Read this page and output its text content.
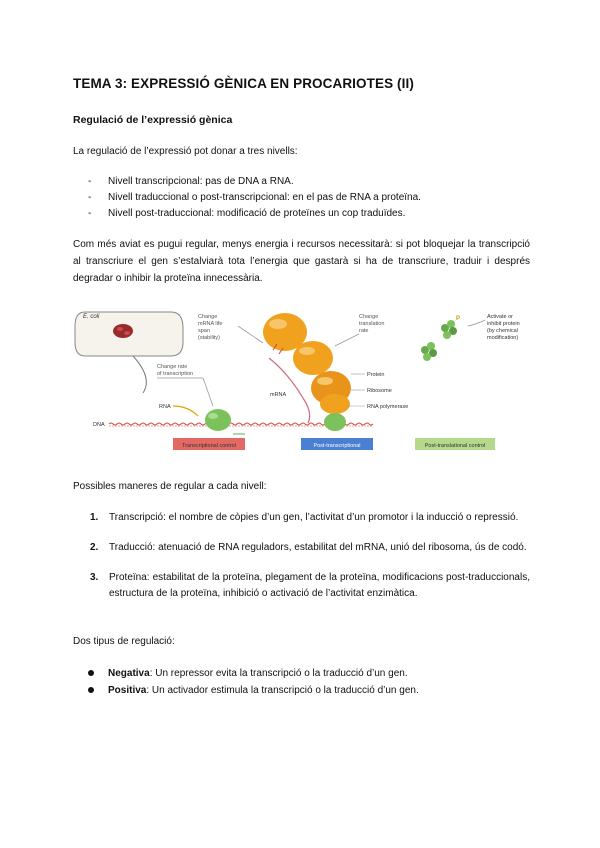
TEMA 3: EXPRESSIÓ GÈNICA EN PROCARIOTES (II)
Regulació de l’expressió gènica
La regulació de l’expressió pot donar a tres nivells:
- Nivell transcripcional: pas de DNA a RNA.
- Nivell traduccional o post-transcripcional: en el pas de RNA a proteïna.
- Nivell post-traduccional: modificació de proteïnes un cop traduïdes.
Com més aviat es pugui regular, menys energia i recursos necessitarà: si pot bloquejar la transcripció al transcriure el gen s’estalviarà tota l’energia que gastarà si ha de transcriure, traduir i després degradar o inhibir la proteïna innecessària.
E. coli
Change rate
of transcription
RNA
DNA
Change
mRNA life
span
(stability)
Change
translation
rate
mRNA
Protein
Ribosome
RNA polymerase
P	Activate or
inhibit protein
(by chemical
modification)
Transcriptional control	Post-transcriptional	Post-translational control
Possibles maneres de regular a cada nivell:
1. Transcripció: el nombre de còpies d’un gen, l’activitat d’un promotor i la inducció o repressió.
2. Traducció: atenuació de RNA reguladors, estabilitat del mRNA, unió del ribosoma, ús de codó.
3. Proteïna: estabilitat de la proteïna, plegament de la proteïna, modificacions post-traduccionals, estructura de la proteïna, inhibició o activació de l’activitat enzimàtica.
Dos tipus de regulació:
Negativa: Un repressor evita la transcripció o la traducció d’un gen.
Positiva: Un activador estimula la transcripció o la traducció d’un gen.
